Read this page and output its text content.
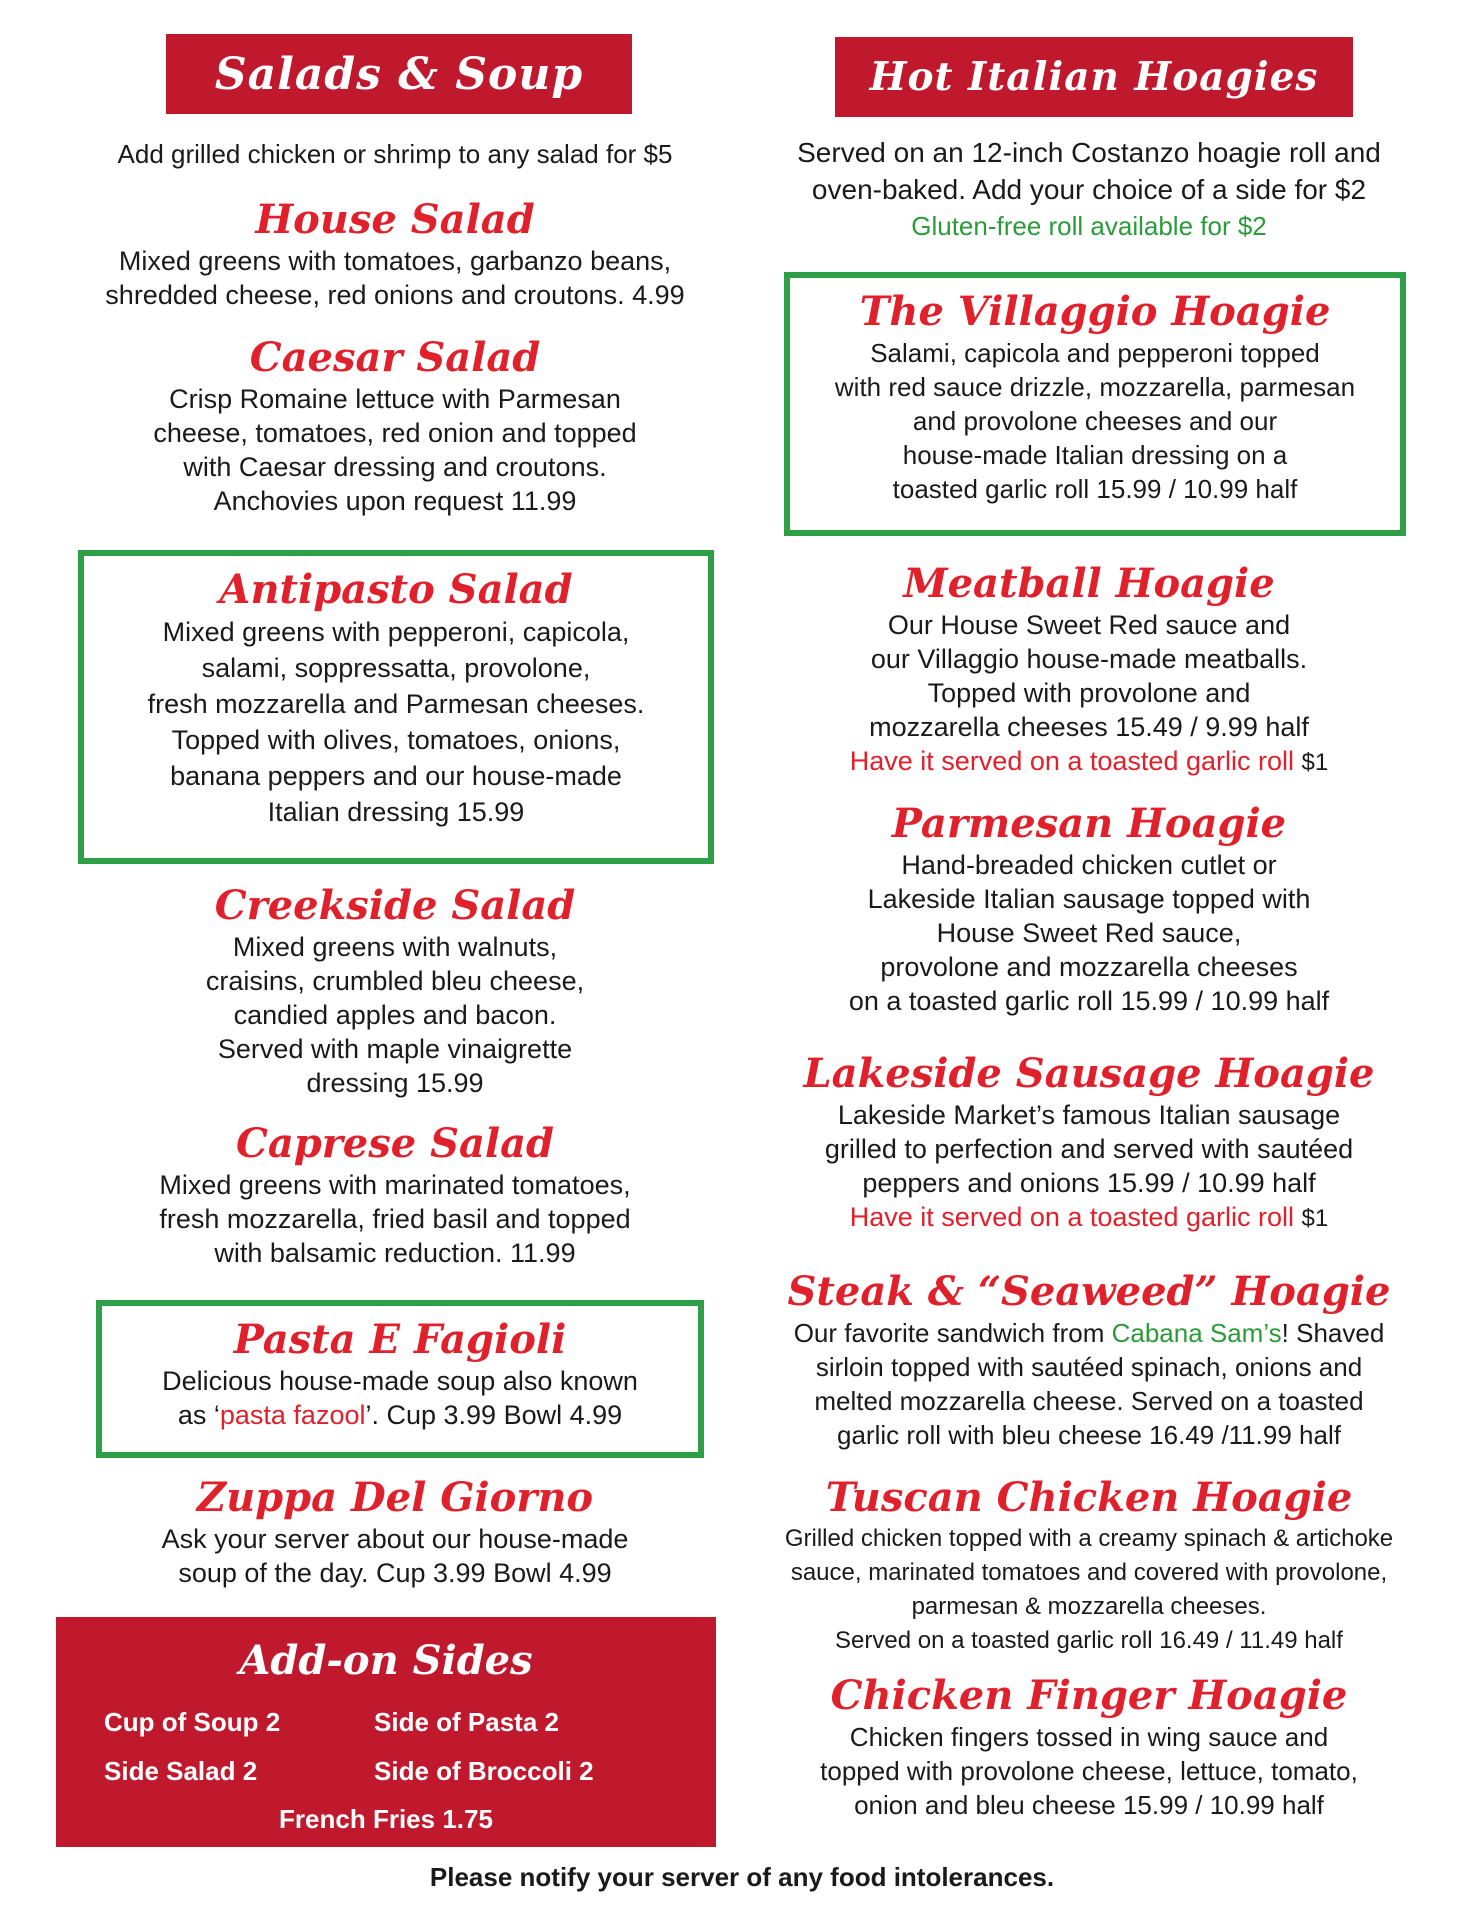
Salads & Soup
Add grilled chicken or shrimp to any salad for $5

House Salad

Mixed greens with tomatoes, garbanzo beans,

shredded cheese, red onions and croutons. 4.99

Caesar Salad

Crisp Romaine lettuce with Parmesan

cheese, tomatoes, red onion and topped

with Caesar dressing and croutons.

Anchovies upon request 11.99

Antipasto Salad

Mixed greens with pepperoni, capicola,

salami, soppressatta, provolone,

fresh mozzarella and Parmesan cheeses.

Topped with olives, tomatoes, onions,

banana peppers and our house-made

Italian dressing 15.99

Creekside Salad

Mixed greens with walnuts,

craisins, crumbled bleu cheese,

candied apples and bacon.

Served with maple vinaigrette

dressing 15.99

Caprese Salad

Mixed greens with marinated tomatoes,

fresh mozzarella, fried basil and topped

with balsamic reduction. 11.99

Pasta E Fagioli

Delicious house-made soup also known

as ‘pasta fazool’. Cup 3.99 Bowl 4.99

Zuppa Del Giorno

Ask your server about our house-made

soup of the day. Cup 3.99 Bowl 4.99

Add-on Sides
Cup of Soup 2	Side of Pasta 2
Side Salad 2	Side of Broccoli 2
French Fries 1.75
Hot Italian Hoagies
Served on an 12-inch Costanzo hoagie roll and
oven-baked. Add your choice of a side for $2
Gluten-free roll available for $2

The Villaggio Hoagie

Salami, capicola and pepperoni topped

with red sauce drizzle, mozzarella, parmesan

and provolone cheeses and our

house-made Italian dressing on a

toasted garlic roll 15.99 / 10.99 half

Meatball Hoagie

Our House Sweet Red sauce and

our Villaggio house-made meatballs.

Topped with provolone and

mozzarella cheeses 15.49 / 9.99 half

Have it served on a toasted garlic roll $1

Parmesan Hoagie

Hand-breaded chicken cutlet or

Lakeside Italian sausage topped with

House Sweet Red sauce,

provolone and mozzarella cheeses

on a toasted garlic roll 15.99 / 10.99 half

Lakeside Sausage Hoagie

Lakeside Market’s famous Italian sausage

grilled to perfection and served with sautéed

peppers and onions 15.99 / 10.99 half

Have it served on a toasted garlic roll $1

Steak & “Seaweed” Hoagie

Our favorite sandwich from Cabana Sam’s! Shaved

sirloin topped with sautéed spinach, onions and

melted mozzarella cheese. Served on a toasted

garlic roll with bleu cheese 16.49 /11.99 half

Tuscan Chicken Hoagie

Grilled chicken topped with a creamy spinach & artichoke

sauce, marinated tomatoes and covered with provolone,

parmesan & mozzarella cheeses.

Served on a toasted garlic roll 16.49 / 11.49 half

Chicken Finger Hoagie

Chicken fingers tossed in wing sauce and

topped with provolone cheese, lettuce, tomato,

onion and bleu cheese 15.99 / 10.99 half

Please notify your server of any food intolerances.
